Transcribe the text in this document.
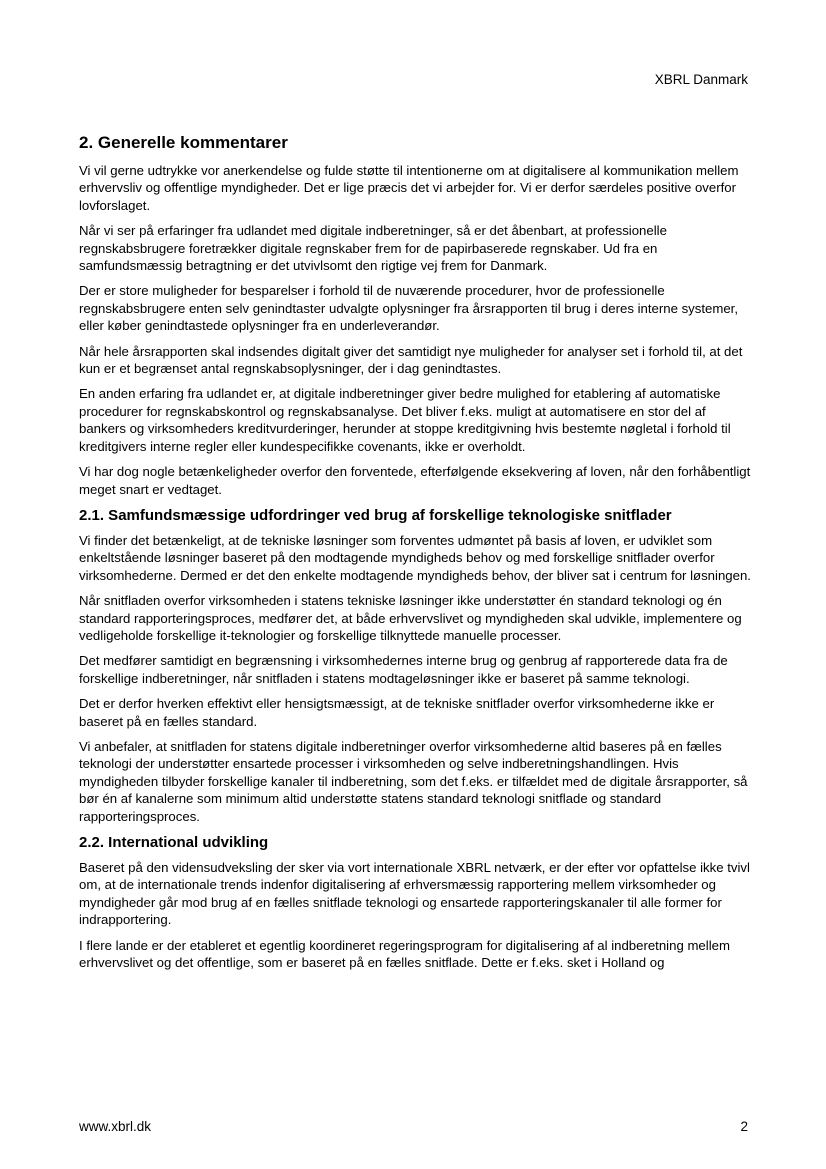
XBRL Danmark
2. Generelle kommentarer

Vi vil gerne udtrykke vor anerkendelse og fulde støtte til intentionerne om at digitalisere al kommunikation mellem erhvervsliv og offentlige myndigheder. Det er lige præcis det vi arbejder for. Vi er derfor særdeles positive overfor lovforslaget.

Når vi ser på erfaringer fra udlandet med digitale indberetninger, så er det åbenbart, at professionelle regnskabsbrugere foretrækker digitale regnskaber frem for de papirbaserede regnskaber. Ud fra en samfundsmæssig betragtning er det utvivlsomt den rigtige vej frem for Danmark.

Der er store muligheder for besparelser i forhold til de nuværende procedurer, hvor de professionelle regnskabsbrugere enten selv genindtaster udvalgte oplysninger fra årsrapporten til brug i deres interne systemer, eller køber genindtastede oplysninger fra en underleverandør.

Når hele årsrapporten skal indsendes digitalt giver det samtidigt nye muligheder for analyser set i forhold til, at det kun er et begrænset antal regnskabsoplysninger, der i dag genindtastes.

En anden erfaring fra udlandet er, at digitale indberetninger giver bedre mulighed for etablering af automatiske procedurer for regnskabskontrol og regnskabsanalyse. Det bliver f.eks. muligt at automatisere en stor del af bankers og virksomheders kreditvurderinger, herunder at stoppe kreditgivning hvis bestemte nøgletal i forhold til kreditgivers interne regler eller kundespecifikke covenants, ikke er overholdt.

Vi har dog nogle betænkeligheder overfor den forventede, efterfølgende eksekvering af loven, når den forhåbentligt meget snart er vedtaget.

2.1. Samfundsmæssige udfordringer ved brug af forskellige teknologiske snitflader

Vi finder det betænkeligt, at de tekniske løsninger som forventes udmøntet på basis af loven, er udviklet som enkeltstående løsninger baseret på den modtagende myndigheds behov og med forskellige snitflader overfor virksomhederne. Dermed er det den enkelte modtagende myndigheds behov, der bliver sat i centrum for løsningen.

Når snitfladen overfor virksomheden i statens tekniske løsninger ikke understøtter én standard teknologi og én standard rapporteringsproces, medfører det, at både erhvervslivet og myndigheden skal udvikle, implementere og vedligeholde forskellige it-teknologier og forskellige tilknyttede manuelle processer.

Det medfører samtidigt en begrænsning i virksomhedernes interne brug og genbrug af rapporterede data fra de forskellige indberetninger, når snitfladen i statens modtageløsninger ikke er baseret på samme teknologi.

Det er derfor hverken effektivt eller hensigtsmæssigt, at de tekniske snitflader overfor virksomhederne ikke er baseret på en fælles standard.

Vi anbefaler, at snitfladen for statens digitale indberetninger overfor virksomhederne altid baseres på en fælles teknologi der understøtter ensartede processer i virksomheden og selve indberetningshandlingen. Hvis myndigheden tilbyder forskellige kanaler til indberetning, som det f.eks. er tilfældet med de digitale årsrapporter, så bør én af kanalerne som minimum altid understøtte statens standard teknologi snitflade og standard rapporteringsproces.

2.2. International udvikling

Baseret på den vidensudveksling der sker via vort internationale XBRL netværk, er der efter vor opfattelse ikke tvivl om, at de internationale trends indenfor digitalisering af erhversmæssig rapportering mellem virksomheder og myndigheder går mod brug af en fælles snitflade teknologi og ensartede rapporteringskanaler til alle former for indrapportering.

I flere lande er der etableret et egentlig koordineret regeringsprogram for digitalisering af al indberetning mellem erhvervslivet og det offentlige, som er baseret på en fælles snitflade. Dette er f.eks. sket i Holland og

www.xbrl.dk	2
